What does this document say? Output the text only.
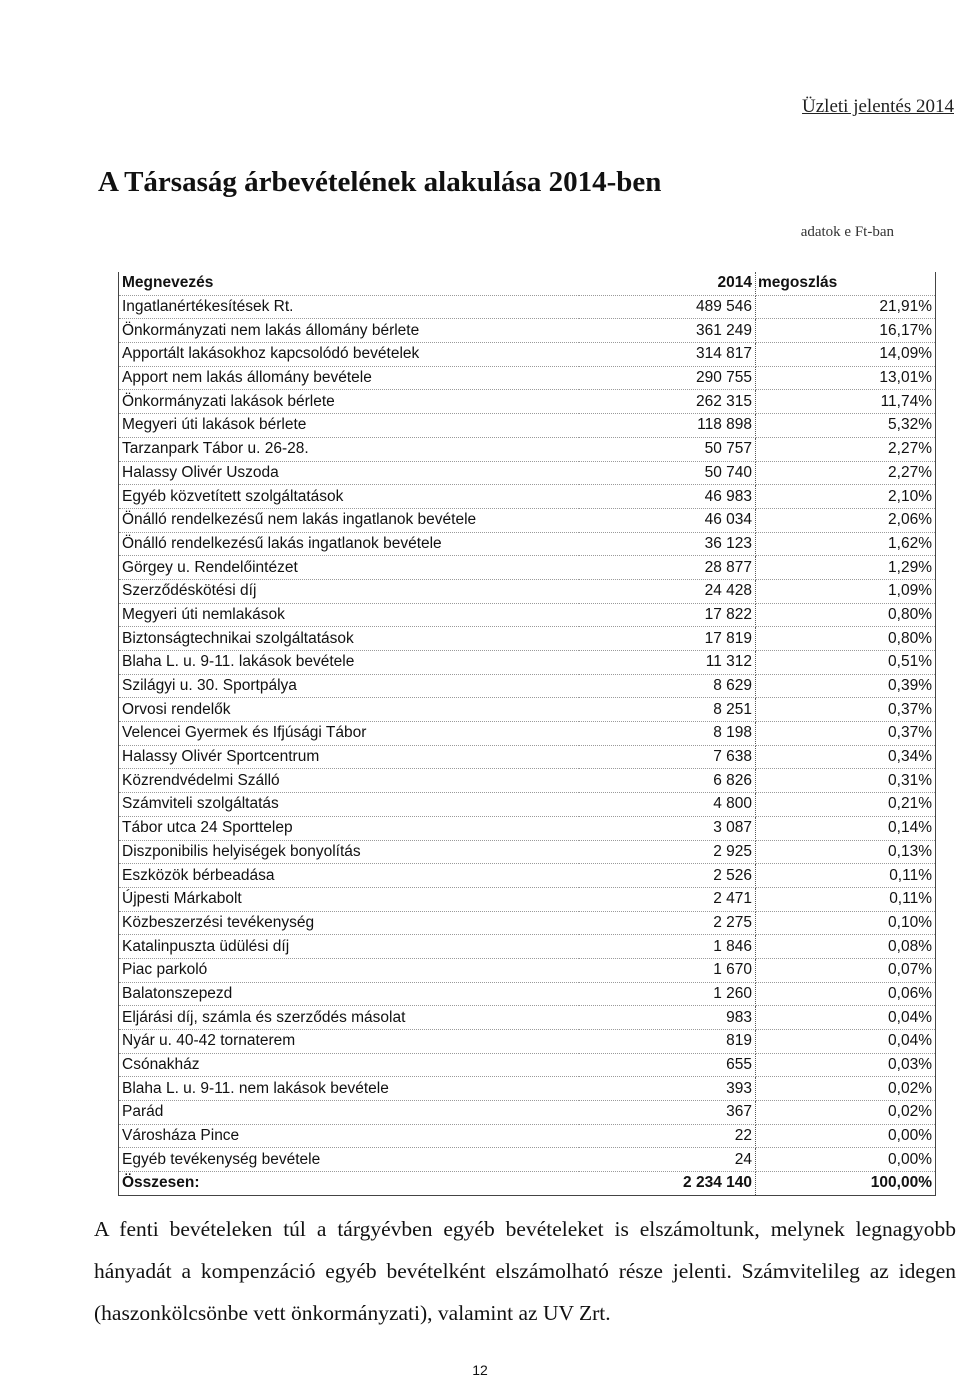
Üzleti jelentés 2014
A Társaság árbevételének alakulása 2014-ben
adatok e Ft-ban
Megnevezés	2014	megoszlás
Ingatlanértékesítések Rt.	489 546	21,91%
Önkormányzati nem lakás állomány bérlete	361 249	16,17%
Apportált lakásokhoz kapcsolódó bevételek	314 817	14,09%
Apport nem lakás állomány bevétele	290 755	13,01%
Önkormányzati lakások bérlete	262 315	11,74%
Megyeri úti lakások bérlete	118 898	5,32%
Tarzanpark Tábor u. 26-28.	50 757	2,27%
Halassy Olivér Uszoda	50 740	2,27%
Egyéb közvetített szolgáltatások	46 983	2,10%
Önálló rendelkezésű nem lakás ingatlanok bevétele	46 034	2,06%
Önálló rendelkezésű lakás ingatlanok bevétele	36 123	1,62%
Görgey u. Rendelőintézet	28 877	1,29%
Szerződéskötési díj	24 428	1,09%
Megyeri úti nemlakások	17 822	0,80%
Biztonságtechnikai szolgáltatások	17 819	0,80%
Blaha L. u. 9-11. lakások bevétele	11 312	0,51%
Szilágyi u. 30. Sportpálya	8 629	0,39%
Orvosi rendelők	8 251	0,37%
Velencei Gyermek és Ifjúsági Tábor	8 198	0,37%
Halassy Olivér Sportcentrum	7 638	0,34%
Közrendvédelmi Szálló	6 826	0,31%
Számviteli szolgáltatás	4 800	0,21%
Tábor utca 24 Sporttelep	3 087	0,14%
Diszponibilis helyiségek bonyolítás	2 925	0,13%
Eszközök bérbeadása	2 526	0,11%
Újpesti Márkabolt	2 471	0,11%
Közbeszerzési tevékenység	2 275	0,10%
Katalinpuszta üdülési díj	1 846	0,08%
Piac parkoló	1 670	0,07%
Balatonszepezd	1 260	0,06%
Eljárási díj, számla és szerződés másolat	983	0,04%
Nyár u. 40-42 tornaterem	819	0,04%
Csónakház	655	0,03%
Blaha L. u. 9-11. nem lakások bevétele	393	0,02%
Parád	367	0,02%
Városháza Pince	22	0,00%
Egyéb tevékenység bevétele	24	0,00%
Összesen:	2 234 140	100,00%

A fenti bevételeken túl a tárgyévben egyéb bevételeket is elszámoltunk, melynek legnagyobb hányadát a kompenzáció egyéb bevételként elszámolható része jelenti. Számvitelileg az idegen (haszonkölcsönbe vett önkormányzati), valamint az UV Zrt.

12
